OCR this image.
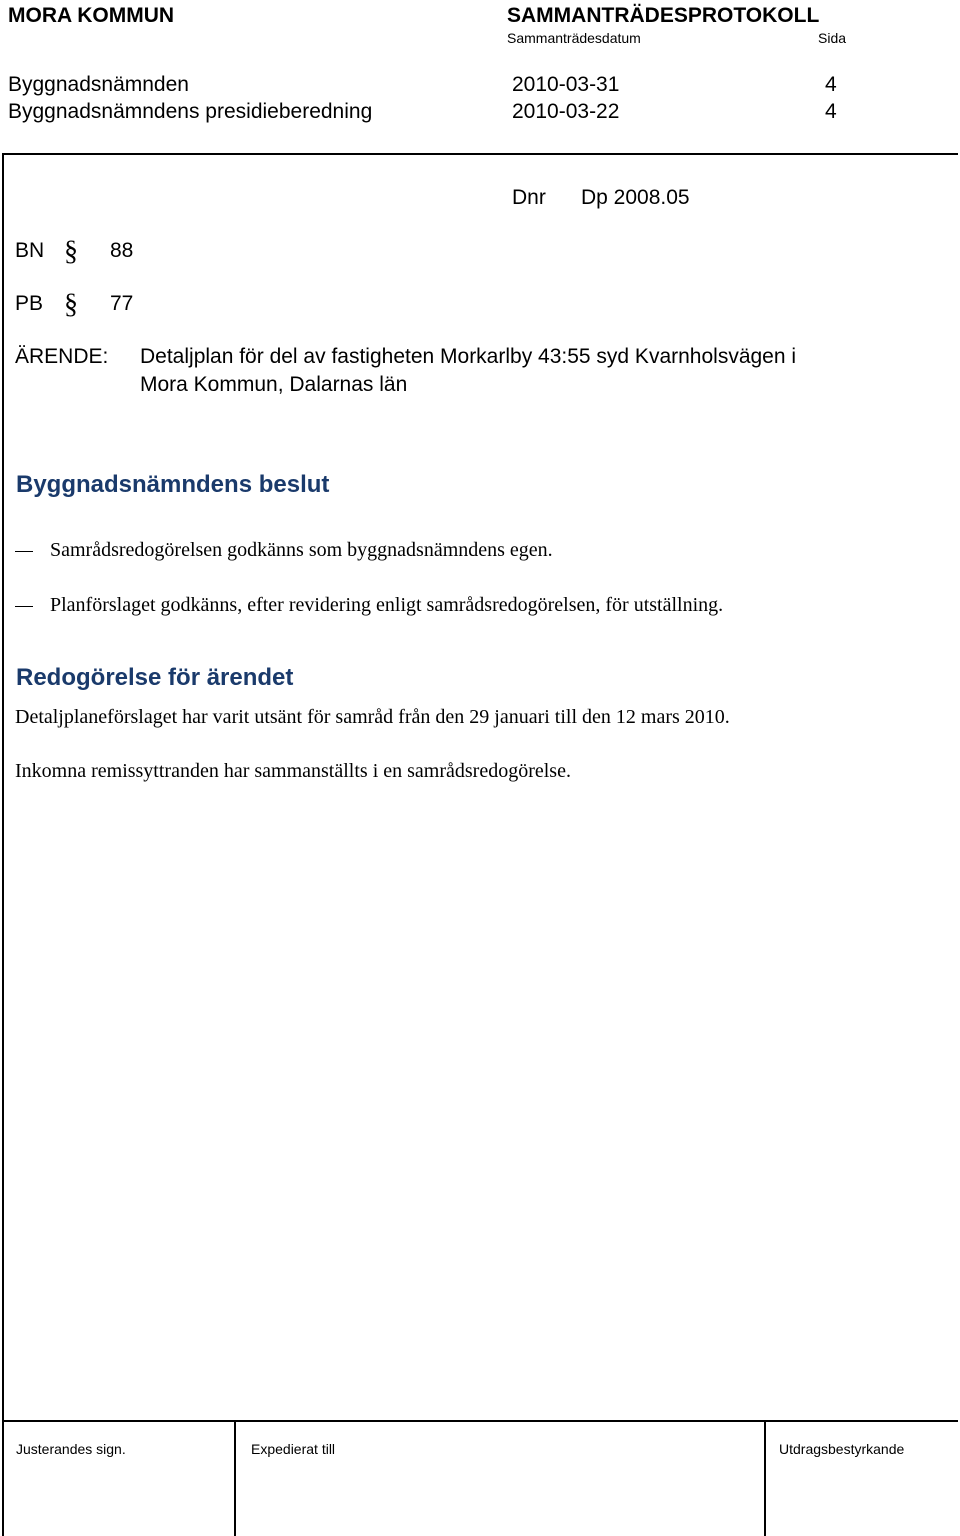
MORA KOMMUN	SAMMANTRÄDESPROTOKOLL
Sammanträdesdatum	Sida
Byggnadsnämnden	2010-03-31	4
Byggnadsnämndens presidieberedning	2010-03-22	4
Dnr Dp 2008.05
BN § 88
PB § 77
ÄRENDE: Detaljplan för del av fastigheten Morkarlby 43:55 syd Kvarnholsvägen i
Mora Kommun, Dalarnas län
Byggnadsnämndens beslut
Samrådsredogörelsen godkänns som byggnadsnämndens egen.
Planförslaget godkänns, efter revidering enligt samrådsredogörelsen, för utställning.
Redogörelse för ärendet
Detaljplaneförslaget har varit utsänt för samråd från den 29 januari till den 12 mars 2010.
Inkomna remissyttranden har sammanställts i en samrådsredogörelse.
Justerandes sign.	Expedierat till	Utdragsbestyrkande
